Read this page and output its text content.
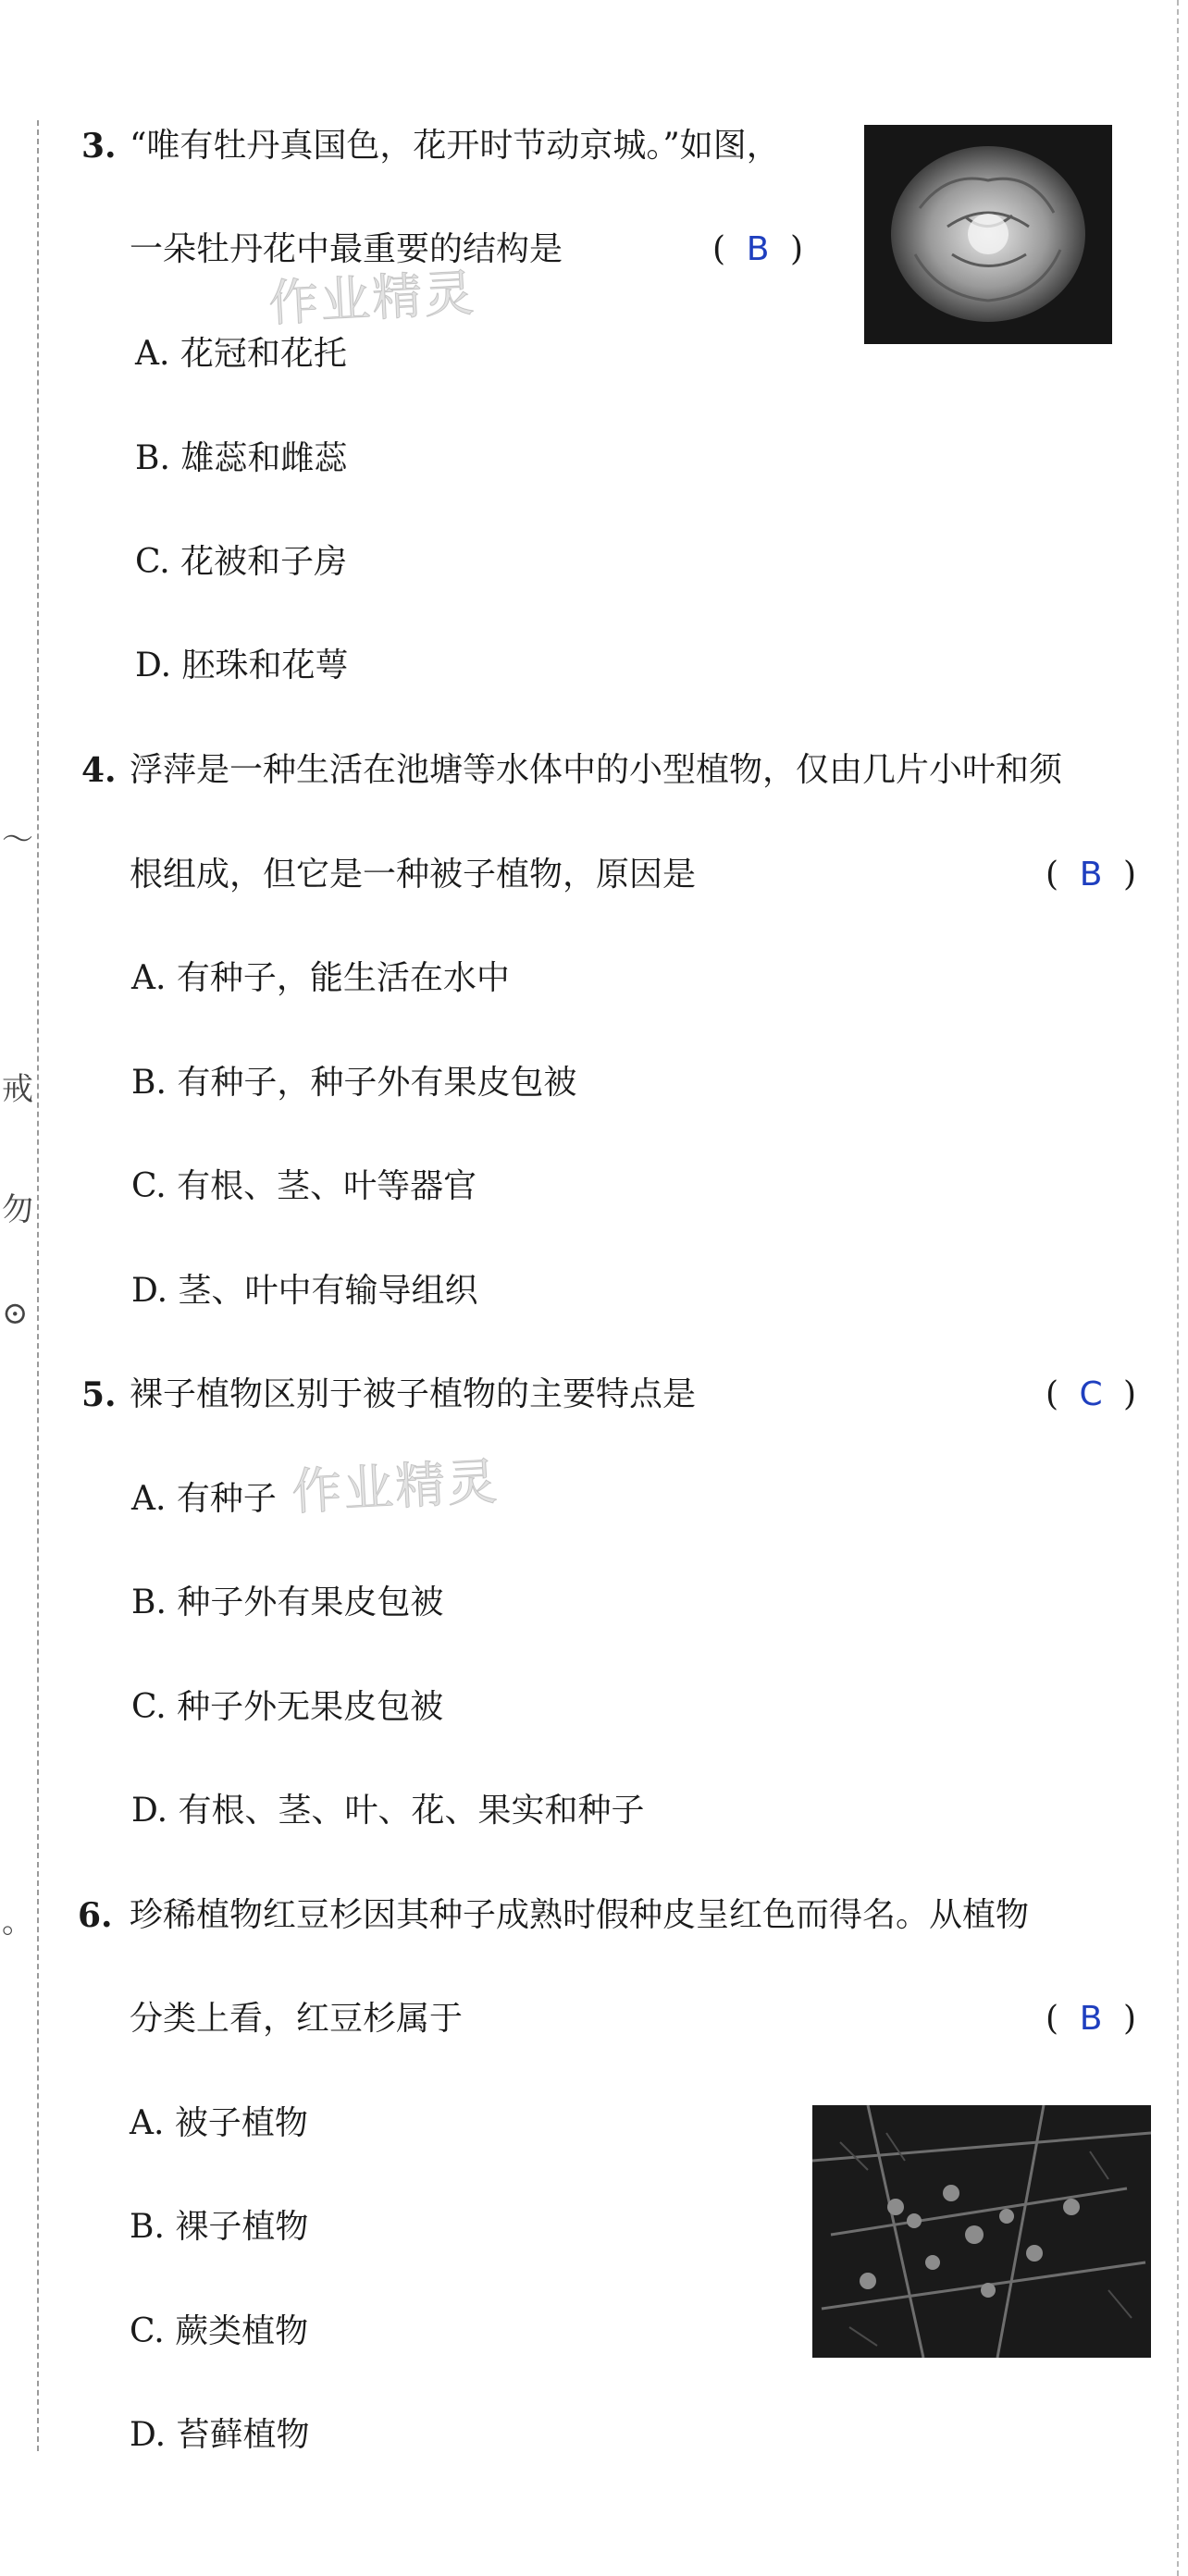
～
戒
勿
⊙
｡
3. “唯有牡丹真国色，花开时节动京城。”如图，
一朵牡丹花中最重要的结构是	( B )
A. 花冠和花托
B. 雄蕊和雌蕊
C. 花被和子房
D. 胚珠和花萼
4. 浮萍是一种生活在池塘等水体中的小型植物，仅由几片小叶和须
根组成，但它是一种被子植物，原因是	( B )
A. 有种子，能生活在水中
B. 有种子，种子外有果皮包被
C. 有根、茎、叶等器官
D. 茎、叶中有输导组织
5. 裸子植物区别于被子植物的主要特点是	( C )
A. 有种子
B. 种子外有果皮包被
C. 种子外无果皮包被
D. 有根、茎、叶、花、果实和种子
6. 珍稀植物红豆杉因其种子成熟时假种皮呈红色而得名。从植物
分类上看，红豆杉属于	( B )
A. 被子植物
B. 裸子植物
C. 蕨类植物
D. 苔藓植物
作业精灵
作业精灵
